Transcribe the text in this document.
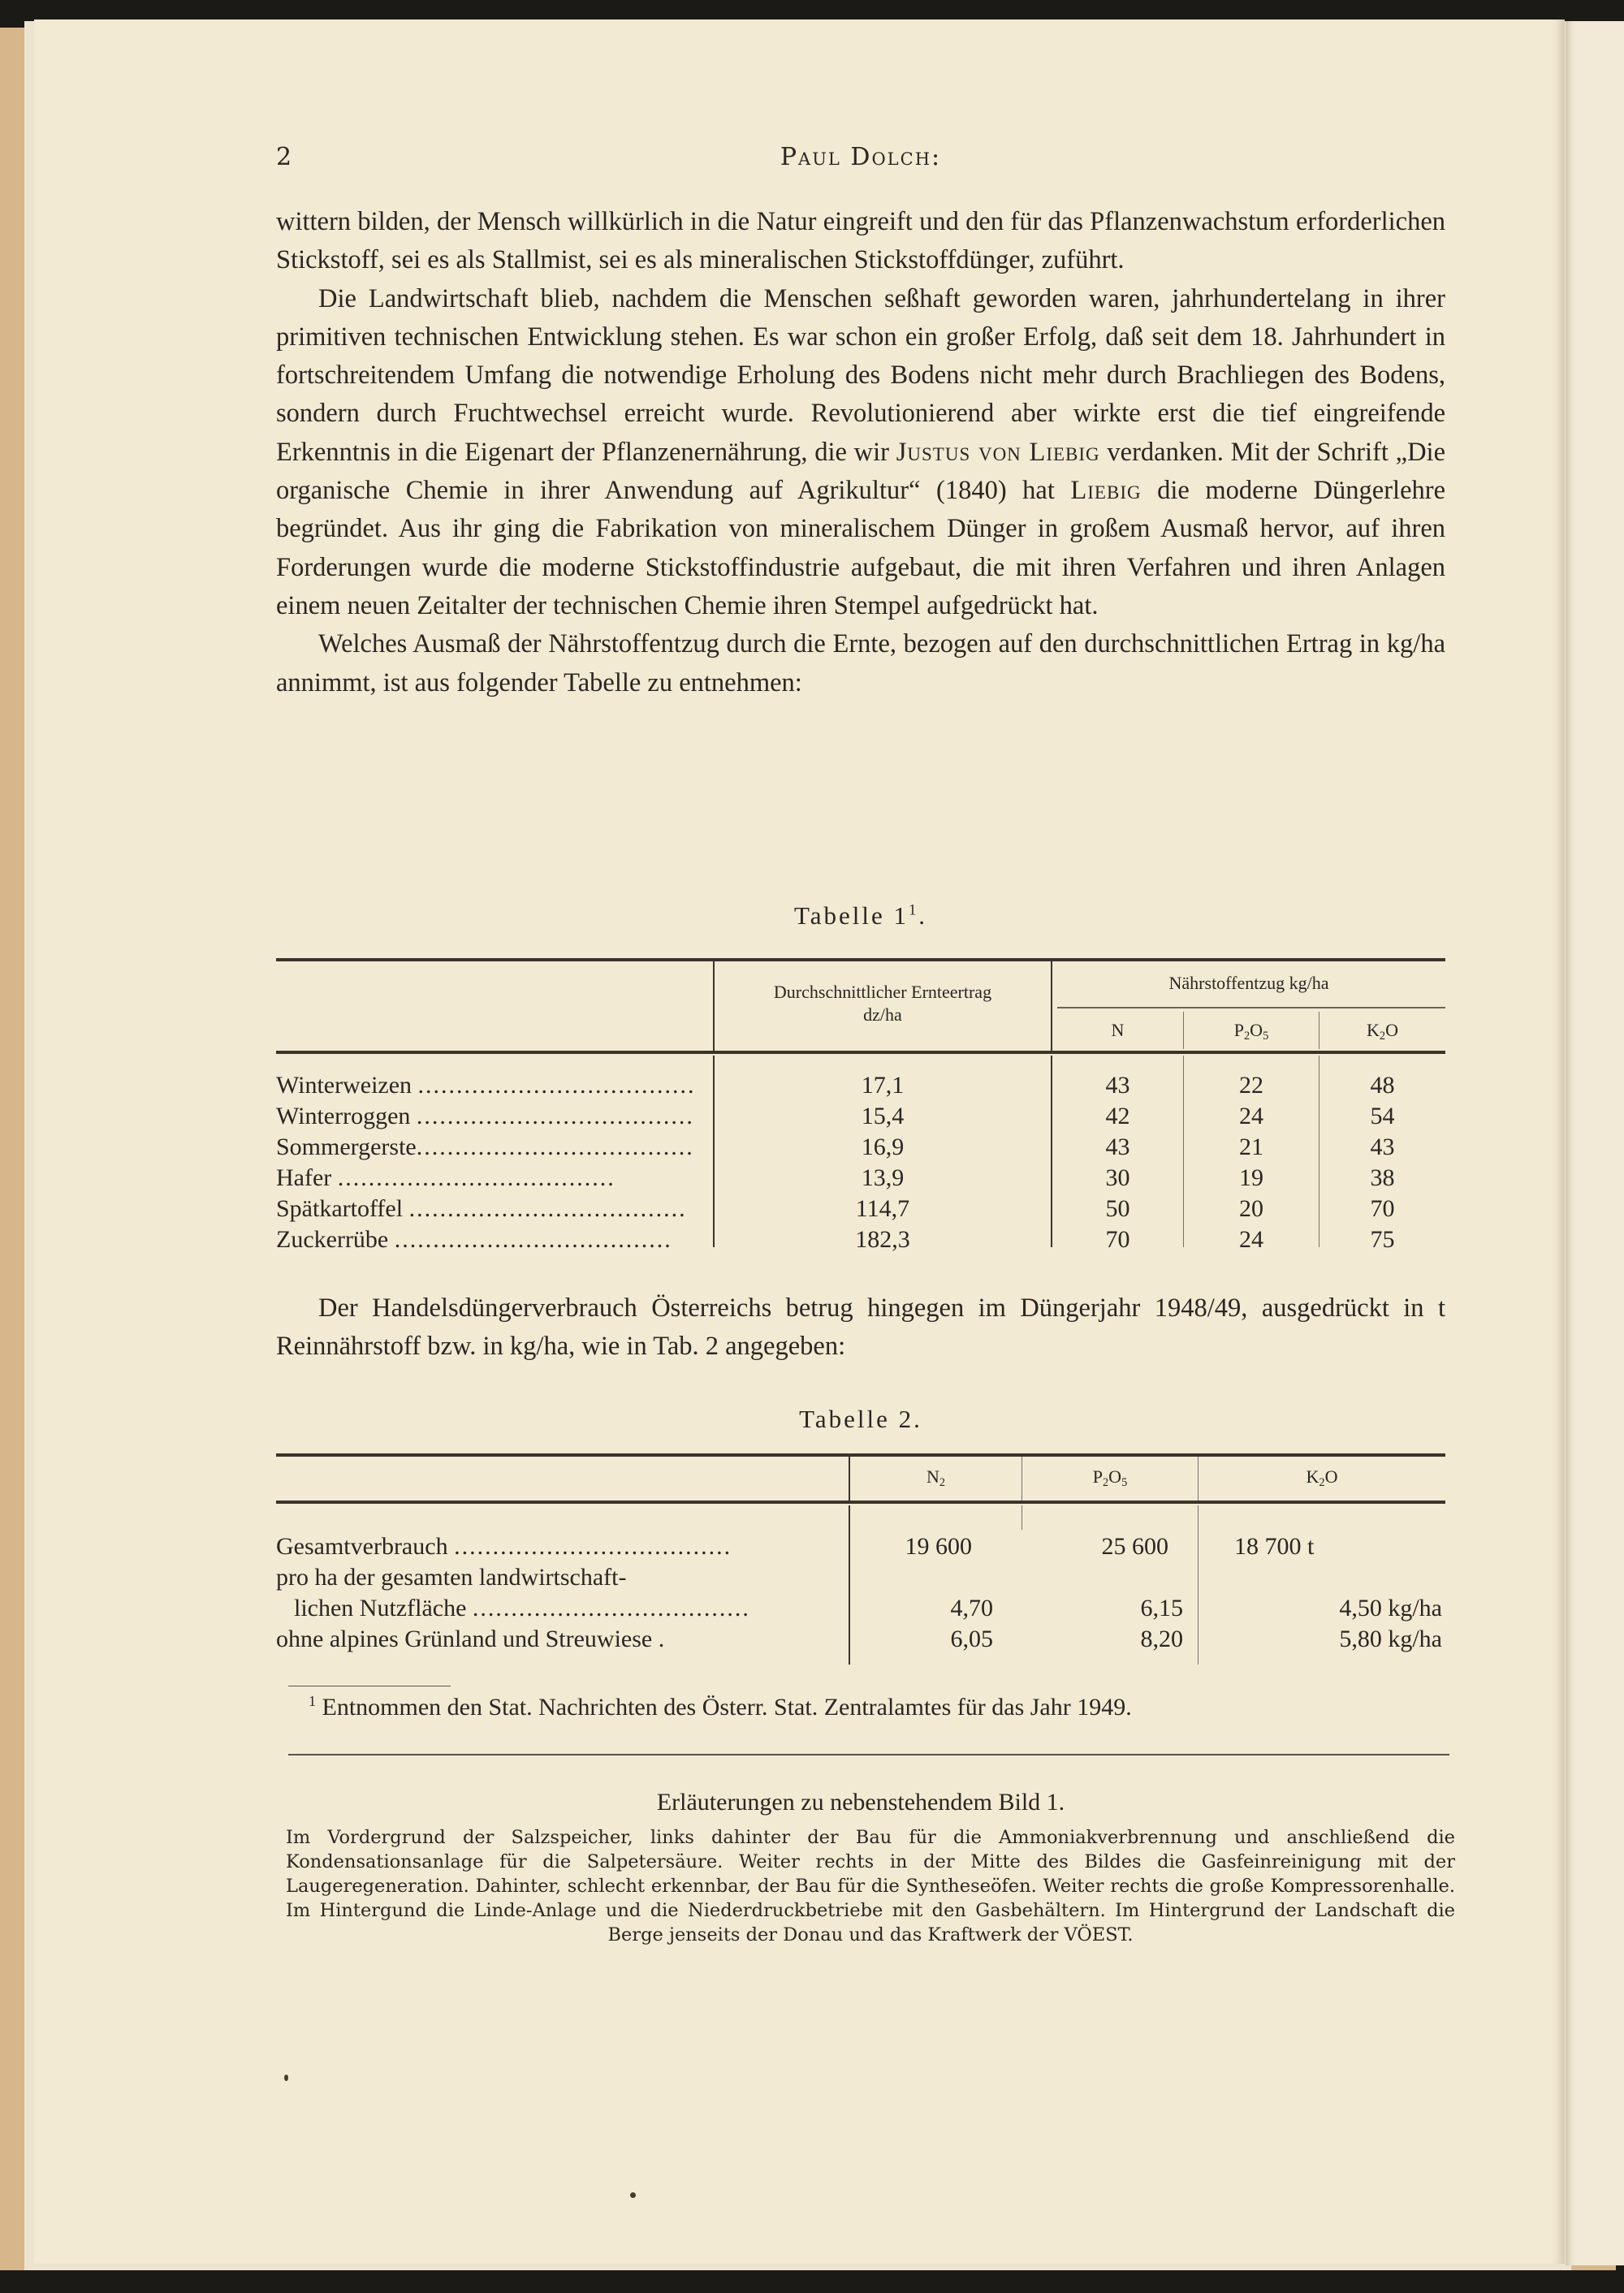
2	Paul Dolch:

wittern bilden, der Mensch willkürlich in die Natur eingreift und den für das Pflanzenwachstum erforderlichen Stickstoff, sei es als Stallmist, sei es als mineralischen Stickstoffdünger, zuführt.

Die Landwirtschaft blieb, nachdem die Menschen seßhaft geworden waren, jahrhundertelang in ihrer primitiven technischen Entwicklung stehen. Es war schon ein großer Erfolg, daß seit dem 18. Jahrhundert in fortschreitendem Umfang die notwendige Erholung des Bodens nicht mehr durch Brachliegen des Bodens, sondern durch Fruchtwechsel erreicht wurde. Revolutionierend aber wirkte erst die tief eingreifende Erkenntnis in die Eigenart der Pflanzenernährung, die wir Justus von Liebig verdanken. Mit der Schrift „Die organische Chemie in ihrer Anwendung auf Agrikultur“ (1840) hat Liebig die moderne Düngerlehre begründet. Aus ihr ging die Fabrikation von mineralischem Dünger in großem Ausmaß hervor, auf ihren Forderungen wurde die moderne Stickstoffindustrie aufgebaut, die mit ihren Verfahren und ihren Anlagen einem neuen Zeitalter der technischen Chemie ihren Stempel aufgedrückt hat.

Welches Ausmaß der Nährstoffentzug durch die Ernte, bezogen auf den durchschnittlichen Ertrag in kg/ha annimmt, ist aus folgender Tabelle zu entnehmen:

Tabelle $1^1$.
Durchschnittlicher Ernteertrag
dz/ha
Nährstoffentzug kg/ha
N	$P_2O_5$	$K_2O$
Winterweizen ....................................	17,1	43	22	48
Winterroggen ....................................	15,4	42	24	54
Sommergerste....................................	16,9	43	21	43
Hafer ....................................	13,9	30	19	38
Spätkartoffel ....................................	114,7	50	20	70
Zuckerrübe ....................................	182,3	70	24	75

Der Handelsdüngerverbrauch Österreichs betrug hingegen im Düngerjahr 1948/49, ausgedrückt in t Reinnährstoff bzw. in kg/ha, wie in Tab. 2 angegeben:

Tabelle 2.
$N_2$	$P_2O_5$	$K_2O$
Gesamtverbrauch ....................................	19 600	25 600	18 700 t
pro ha der gesamten landwirtschaft-
lichen Nutzfläche ....................................	4,70	6,15	4,50 kg/ha
ohne alpines Grünland und Streuwiese .	6,05	8,20	5,80 kg/ha
$^1$ Entnommen den Stat. Nachrichten des Österr. Stat. Zentralamtes für das Jahr 1949.
Erläuterungen zu nebenstehendem Bild 1.
Im Vordergrund der Salzspeicher, links dahinter der Bau für die Ammoniakverbrennung und anschließend die Kondensationsanlage für die Salpetersäure. Weiter rechts in der Mitte des Bildes die Gasfeinreinigung mit der Laugeregeneration. Dahinter, schlecht erkennbar, der Bau für die Syntheseöfen. Weiter rechts die große Kompressorenhalle. Im Hintergund die Linde-Anlage und die Niederdruckbetriebe mit den Gasbehältern. Im Hintergrund der Landschaft die Berge jenseits der Donau und das Kraftwerk der VÖEST.
